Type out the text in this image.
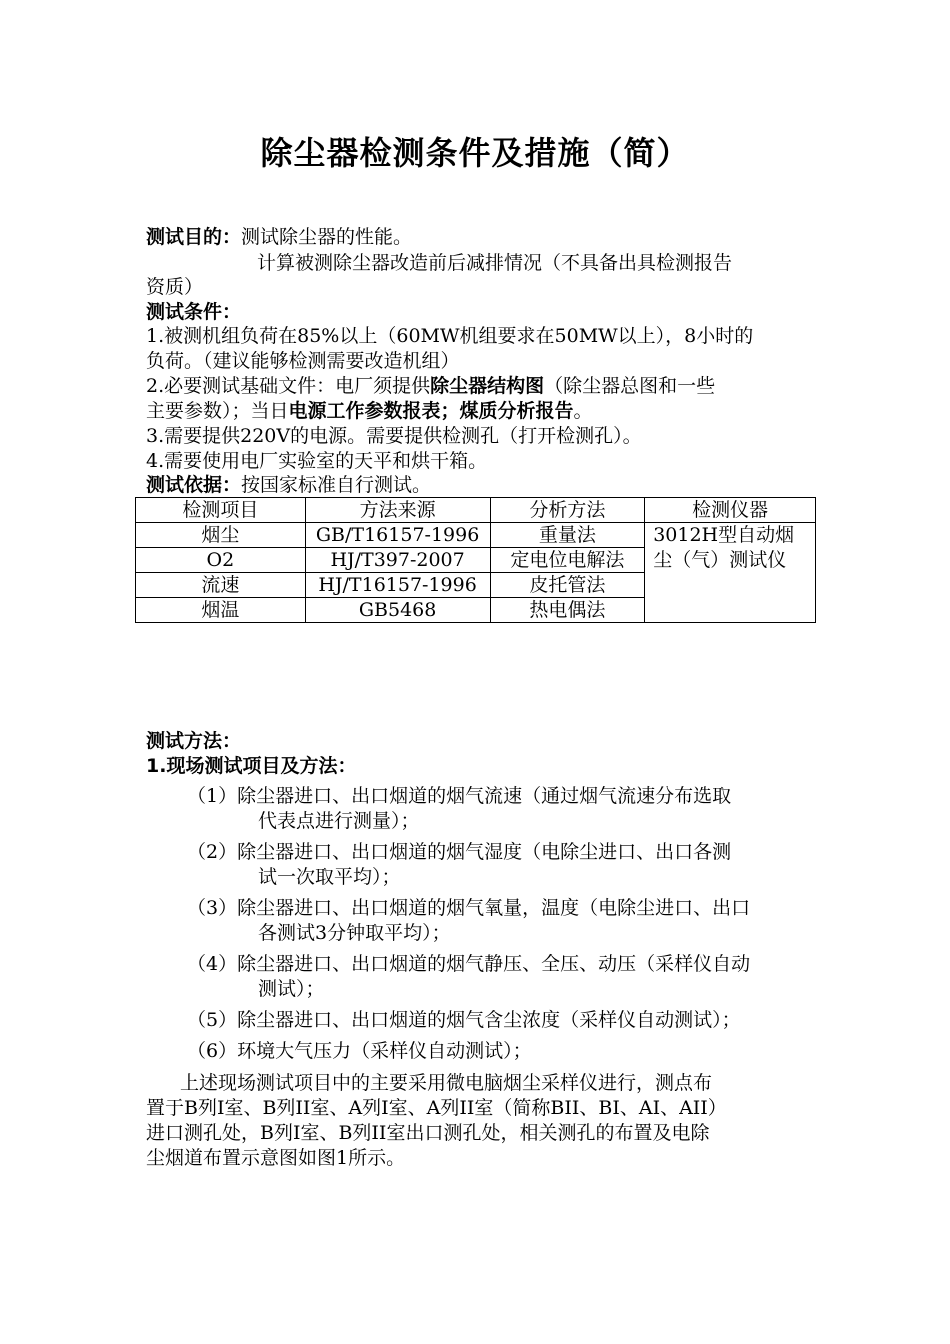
除尘器检测条件及措施（简）
测试目的：测试除尘器的性能。
计算被测除尘器改造前后减排情况（不具备出具检测报告
资质）
测试条件：
1.被测机组负荷在85%以上（60MW机组要求在50MW以上），8小时的
负荷。（建议能够检测需要改造机组）
2.必要测试基础文件：电厂须提供除尘器结构图（除尘器总图和一些
主要参数）；当日电源工作参数报表；煤质分析报告。
3.需要提供220V的电源。需要提供检测孔（打开检测孔）。
4.需要使用电厂实验室的天平和烘干箱。
测试依据：按国家标准自行测试。
检测项目	方法来源	分析方法	检测仪器
烟尘	GB/T16157-1996	重量法	3012H型自动烟
尘（气）测试仪

O2	HJ/T397-2007	定电位电解法	
流速	HJ/T16157-1996	皮托管法	
烟温	GB5468	热电偶法	
测试方法：
1.现场测试项目及方法：
（1）除尘器进口、出口烟道的烟气流速（通过烟气流速分布选取
代表点进行测量）；
（2）除尘器进口、出口烟道的烟气湿度（电除尘进口、出口各测
试一次取平均）；
（3）除尘器进口、出口烟道的烟气氧量，温度（电除尘进口、出口
各测试3分钟取平均）；
（4）除尘器进口、出口烟道的烟气静压、全压、动压（采样仪自动
测试）；
（5）除尘器进口、出口烟道的烟气含尘浓度（采样仪自动测试）；
（6）环境大气压力（采样仪自动测试）；
上述现场测试项目中的主要采用微电脑烟尘采样仪进行，测点布
置于B列Ⅰ室、B列II室、A列Ⅰ室、A列II室（简称BII、BI、AI、AII）
进口测孔处，B列Ⅰ室、B列II室出口测孔处，相关测孔的布置及电除
尘烟道布置示意图如图1所示。
